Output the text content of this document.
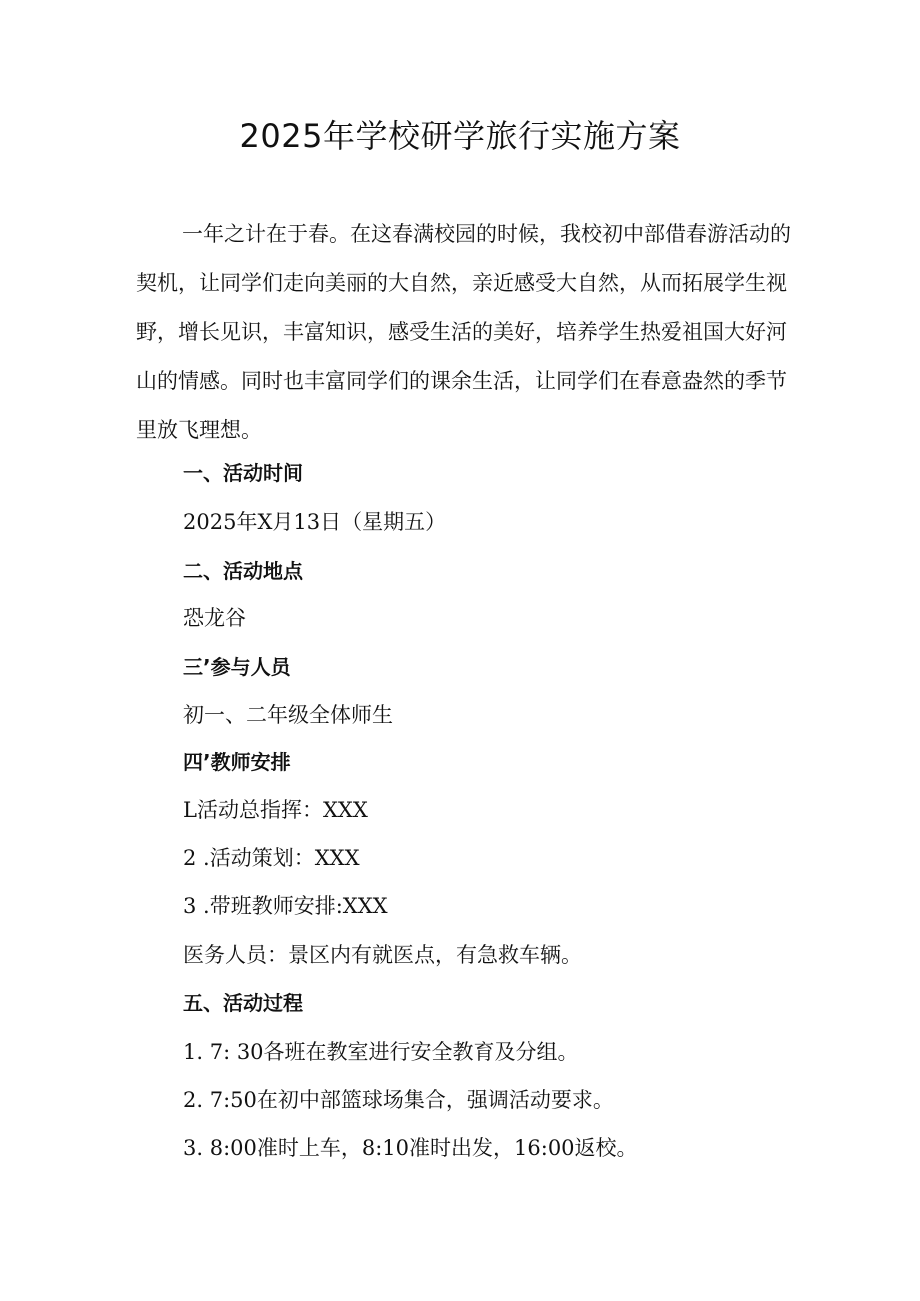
2025年学校研学旅行实施方案

一年之计在于春。在这春满校园的时候，我校初中部借春游活动的契机，让同学们走向美丽的大自然，亲近感受大自然，从而拓展学生视野，增长见识，丰富知识，感受生活的美好，培养学生热爱祖国大好河山的情感。同时也丰富同学们的课余生活，让同学们在春意盎然的季节里放飞理想。

一、活动时间
2025年X月13日（星期五）
二、活动地点
恐龙谷
三’参与人员
初一、二年级全体师生
四’教师安排
L活动总指挥：XXX
2 .活动策划：XXX
3 .带班教师安排:XXX
医务人员：景区内有就医点，有急救车辆。
五、活动过程
1. 7: 30各班在教室进行安全教育及分组。
2. 7:50在初中部篮球场集合，强调活动要求。
3. 8:00准时上车，8:10准时出发，16:00返校。
